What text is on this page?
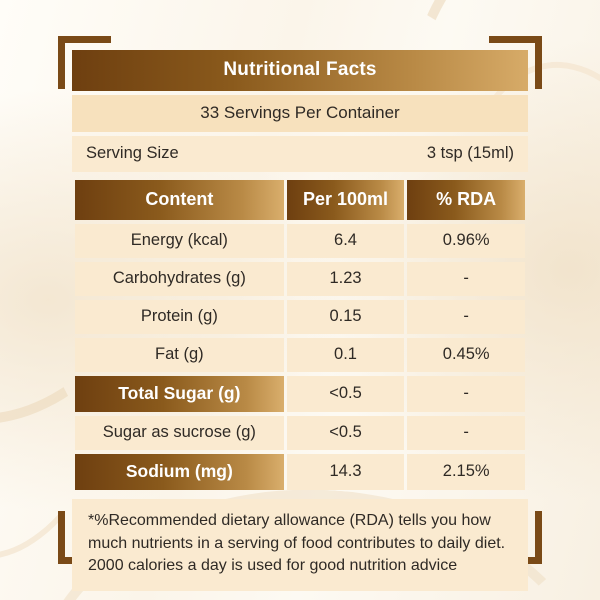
Nutritional Facts
33 Servings Per Container
Serving Size	3 tsp (15ml)
Content	Per 100ml	% RDA
Energy (kcal)	6.4	0.96%
Carbohydrates (g)	1.23	-
Protein (g)	0.15	-
Fat (g)	0.1	0.45%
Total Sugar (g)	<0.5	-
Sugar as sucrose (g)	<0.5	-
Sodium (mg)	14.3	2.15%
*%Recommended dietary allowance (RDA) tells you how much nutrients in a serving of food contributes to daily diet. 2000 calories a day is used for good nutrition advice
